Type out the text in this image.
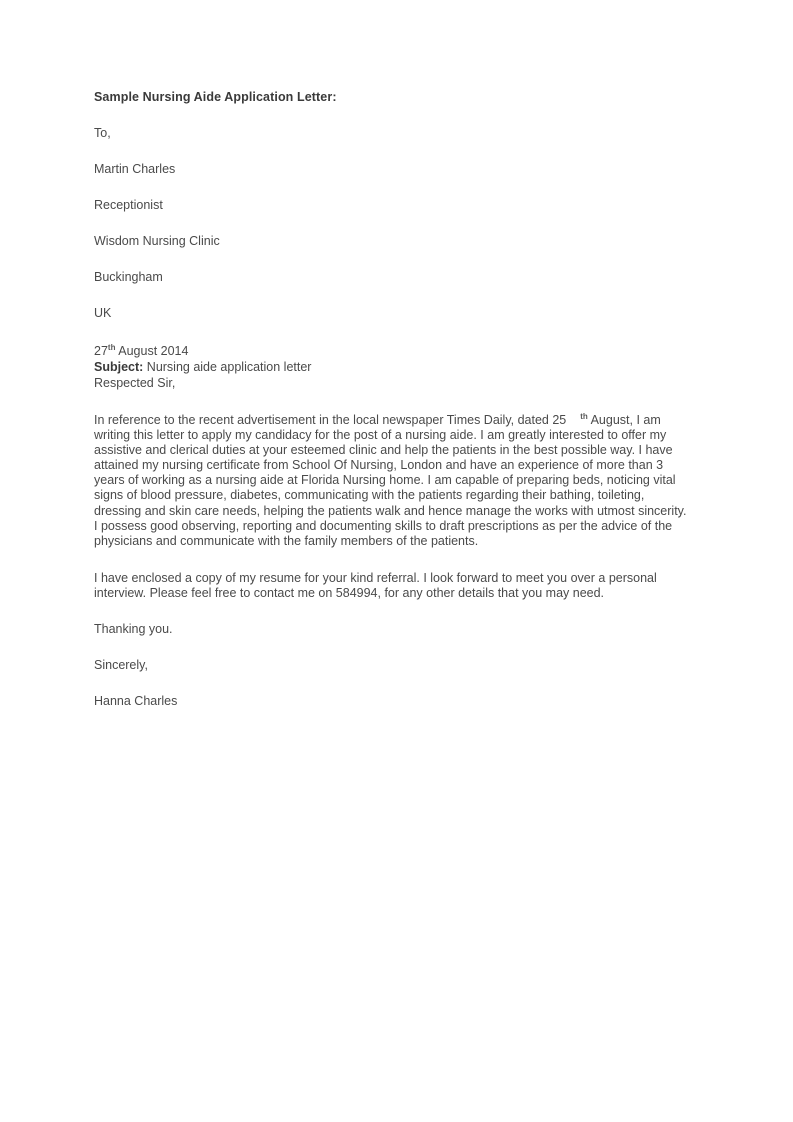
Sample Nursing Aide Application Letter:
To,
Martin Charles
Receptionist
Wisdom Nursing Clinic
Buckingham
UK

27th August 2014

Subject: Nursing aide application letter

Respected Sir,

In reference to the recent advertisement in the local newspaper Times Daily, dated 25 $^{th}$ August, I am writing this letter to apply my candidacy for the post of a nursing aide. I am greatly interested to offer my assistive and clerical duties at your esteemed clinic and help the patients in the best possible way. I have attained my nursing certificate from School Of Nursing, London and have an experience of more than 3 years of working as a nursing aide at Florida Nursing home. I am capable of preparing beds, noticing vital signs of blood pressure, diabetes, communicating with the patients regarding their bathing, toileting, dressing and skin care needs, helping the patients walk and hence manage the works with utmost sincerity. I possess good observing, reporting and documenting skills to draft prescriptions as per the advice of the physicians and communicate with the family members of the patients.

I have enclosed a copy of my resume for your kind referral. I look forward to meet you over a personal interview. Please feel free to contact me on 584994, for any other details that you may need.

Thanking you.
Sincerely,
Hanna Charles
